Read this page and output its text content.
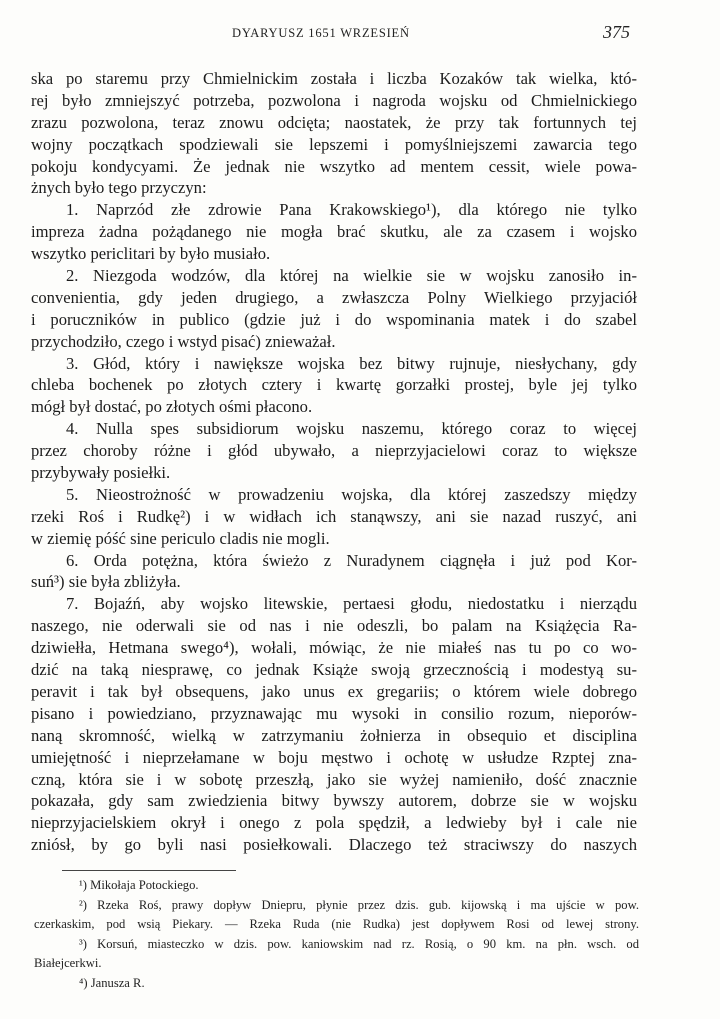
DYARYUSZ 1651 WRZESIEŃ	375
ska po staremu przy Chmielnickim została i liczba Kozaków tak wielka, któ-
rej było zmniejszyć potrzeba, pozwolona i nagroda wojsku od Chmielnickiego
zrazu pozwolona, teraz znowu odcięta; naostatek, że przy tak fortunnych tej
wojny początkach spodziewali sie lepszemi i pomyślniejszemi zawarcia tego
pokoju kondycyami. Że jednak nie wszytko ad mentem cessit, wiele powa-
żnych było tego przyczyn:
1. Naprzód złe zdrowie Pana Krakowskiego¹), dla którego nie tylko
impreza żadna pożądanego nie mogła brać skutku, ale za czasem i wojsko
wszytko periclitari by było musiało.
2. Niezgoda wodzów, dla której na wielkie sie w wojsku zanosiło in-
convenientia, gdy jeden drugiego, a zwłaszcza Polny Wielkiego przyjaciół
i poruczników in publico (gdzie już i do wspominania matek i do szabel
przychodziło, czego i wstyd pisać) znieważał.
3. Głód, który i nawiększe wojska bez bitwy rujnuje, niesłychany, gdy
chleba bochenek po złotych cztery i kwartę gorzałki prostej, byle jej tylko
mógł był dostać, po złotych ośmi płacono.
4. Nulla spes subsidiorum wojsku naszemu, którego coraz to więcej
przez choroby różne i głód ubywało, a nieprzyjacielowi coraz to większe
przybywały posiełki.
5. Nieostrożność w prowadzeniu wojska, dla której zaszedszy między
rzeki Roś i Rudkę²) i w widłach ich stanąwszy, ani sie nazad ruszyć, ani
w ziemię póść sine periculo cladis nie mogli.
6. Orda potężna, która świeżo z Nuradynem ciągnęła i już pod Kor-
suń³) sie była zbliżyła.
7. Bojaźń, aby wojsko litewskie, pertaesi głodu, niedostatku i nierządu
naszego, nie oderwali sie od nas i nie odeszli, bo palam na Książęcia Ra-
dziwiełła, Hetmana swego⁴), wołali, mówiąc, że nie miałeś nas tu po co wo-
dzić na taką niesprawę, co jednak Książe swoją grzecznością i modestyą su-
peravit i tak był obsequens, jako unus ex gregariis; o którem wiele dobrego
pisano i powiedziano, przyznawając mu wysoki in consilio rozum, nieporów-
naną skromność, wielką w zatrzymaniu żołnierza in obsequio et disciplina
umiejętność i nieprzełamane w boju męstwo i ochotę w usłudze Rzptej zna-
czną, która sie i w sobotę przeszłą, jako sie wyżej namieniło, dość znacznie
pokazała, gdy sam zwiedzienia bitwy bywszy autorem, dobrze sie w wojsku
nieprzyjacielskiem okrył i onego z pola spędził, a ledwieby był i cale nie
zniósł, by go byli nasi posiełkowali. Dlaczego też straciwszy do naszych
¹) Mikołaja Potockiego.
²) Rzeka Roś, prawy dopływ Dniepru, płynie przez dzis. gub. kijowską i ma ujście w pow.
czerkaskim, pod wsią Piekary. — Rzeka Ruda (nie Rudka) jest dopływem Rosi od lewej strony.
³) Korsuń, miasteczko w dzis. pow. kaniowskim nad rz. Rosią, o 90 km. na płn. wsch. od
Białejcerkwi.
⁴) Janusza R.
